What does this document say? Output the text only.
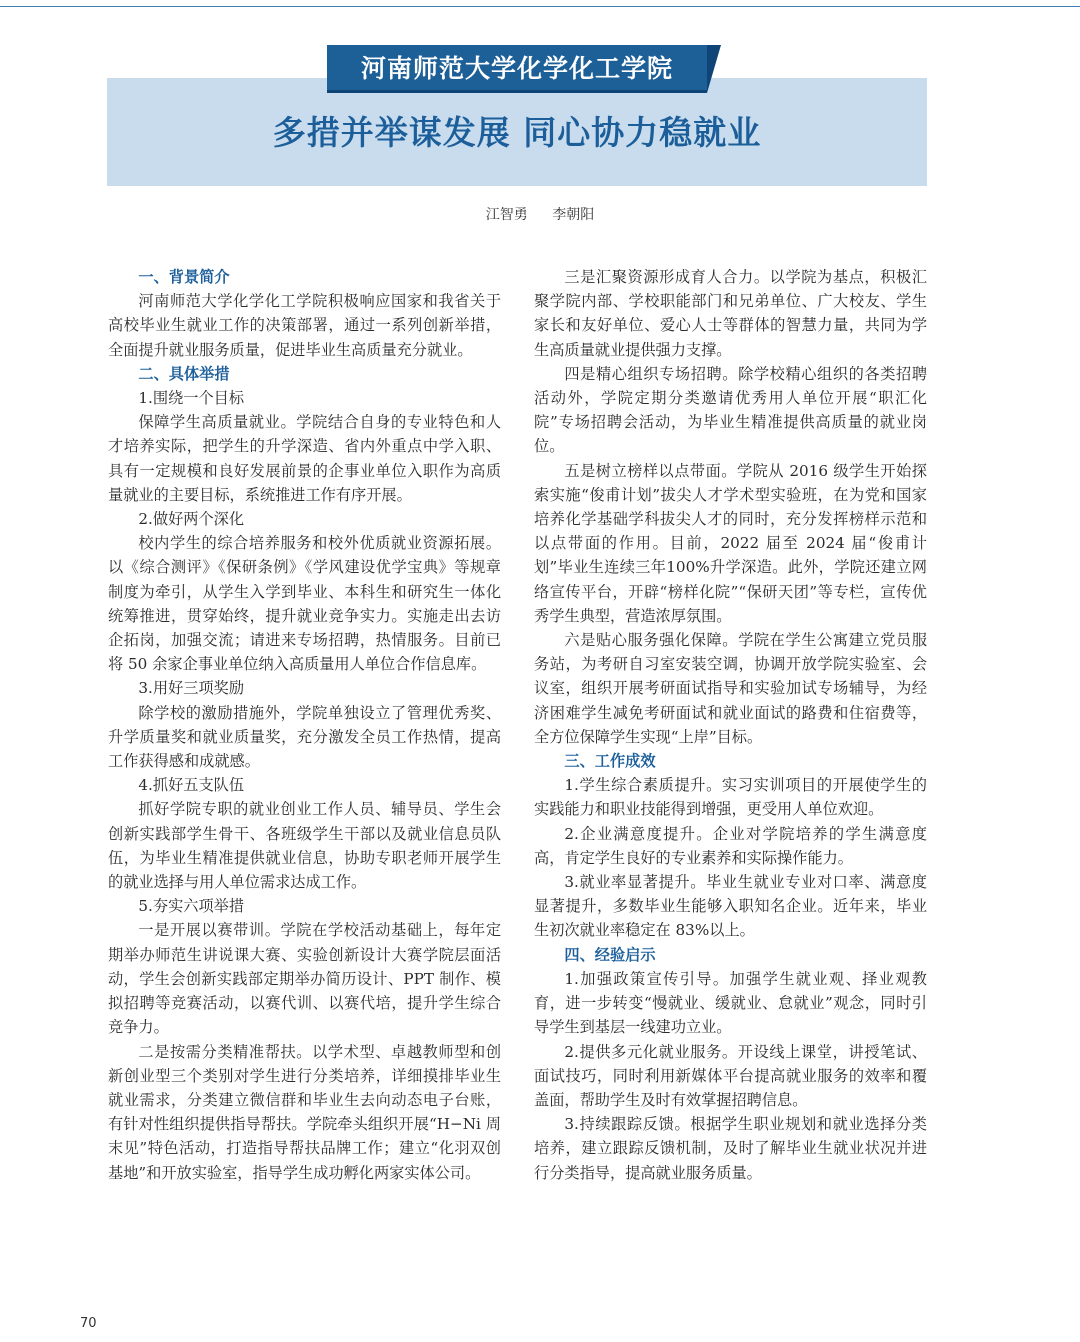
河南师范大学化学化工学院
多措并举谋发展 同心协力稳就业
江智勇 李朝阳
一、背景简介

河南师范大学化学化工学院积极响应国家和我省关于高校毕业生就业工作的决策部署，通过一系列创新举措，全面提升就业服务质量，促进毕业生高质量充分就业。

二、具体举措
1.围绕一个目标

保障学生高质量就业。学院结合自身的专业特色和人才培养实际，把学生的升学深造、省内外重点中学入职、具有一定规模和良好发展前景的企事业单位入职作为高质量就业的主要目标，系统推进工作有序开展。

2.做好两个深化

校内学生的综合培养服务和校外优质就业资源拓展。以《综合测评》《保研条例》《学风建设优学宝典》等规章制度为牵引，从学生入学到毕业、本科生和研究生一体化统筹推进，贯穿始终，提升就业竞争实力。实施走出去访企拓岗，加强交流；请进来专场招聘，热情服务。目前已将 50 余家企事业单位纳入高质量用人单位合作信息库。

3.用好三项奖励

除学校的激励措施外，学院单独设立了管理优秀奖、升学质量奖和就业质量奖，充分激发全员工作热情，提高工作获得感和成就感。

4.抓好五支队伍

抓好学院专职的就业创业工作人员、辅导员、学生会创新实践部学生骨干、各班级学生干部以及就业信息员队伍，为毕业生精准提供就业信息，协助专职老师开展学生的就业选择与用人单位需求达成工作。

5.夯实六项举措

一是开展以赛带训。学院在学校活动基础上，每年定期举办师范生讲说课大赛、实验创新设计大赛学院层面活动，学生会创新实践部定期举办简历设计、PPT 制作、模拟招聘等竞赛活动，以赛代训、以赛代培，提升学生综合竞争力。

二是按需分类精准帮扶。以学术型、卓越教师型和创新创业型三个类别对学生进行分类培养，详细摸排毕业生就业需求，分类建立微信群和毕业生去向动态电子台账，有针对性组织提供指导帮扶。学院牵头组织开展“H−Ni 周末见”特色活动，打造指导帮扶品牌工作；建立“化羽双创基地”和开放实验室，指导学生成功孵化两家实体公司。

三是汇聚资源形成育人合力。以学院为基点，积极汇聚学院内部、学校职能部门和兄弟单位、广大校友、学生家长和友好单位、爱心人士等群体的智慧力量，共同为学生高质量就业提供强力支撑。

四是精心组织专场招聘。除学校精心组织的各类招聘活动外，学院定期分类邀请优秀用人单位开展“职汇化院”专场招聘会活动，为毕业生精准提供高质量的就业岗位。

五是树立榜样以点带面。学院从 2016 级学生开始探索实施“俊甫计划”拔尖人才学术型实验班，在为党和国家培养化学基础学科拔尖人才的同时，充分发挥榜样示范和以点带面的作用。目前，2022 届至 2024 届“俊甫计划”毕业生连续三年100%升学深造。此外，学院还建立网络宣传平台，开辟“榜样化院”“保研天团”等专栏，宣传优秀学生典型，营造浓厚氛围。

六是贴心服务强化保障。学院在学生公寓建立党员服务站，为考研自习室安装空调，协调开放学院实验室、会议室，组织开展考研面试指导和实验加试专场辅导，为经济困难学生减免考研面试和就业面试的路费和住宿费等，全方位保障学生实现“上岸”目标。

三、工作成效

1.学生综合素质提升。实习实训项目的开展使学生的实践能力和职业技能得到增强，更受用人单位欢迎。

2.企业满意度提升。企业对学院培养的学生满意度高，肯定学生良好的专业素养和实际操作能力。

3.就业率显著提升。毕业生就业专业对口率、满意度显著提升，多数毕业生能够入职知名企业。近年来，毕业生初次就业率稳定在 83%以上。

四、经验启示

1.加强政策宣传引导。加强学生就业观、择业观教育，进一步转变“慢就业、缓就业、怠就业”观念，同时引导学生到基层一线建功立业。

2.提供多元化就业服务。开设线上课堂，讲授笔试、面试技巧，同时利用新媒体平台提高就业服务的效率和覆盖面，帮助学生及时有效掌握招聘信息。

3.持续跟踪反馈。根据学生职业规划和就业选择分类培养，建立跟踪反馈机制，及时了解毕业生就业状况并进行分类指导，提高就业服务质量。

70
